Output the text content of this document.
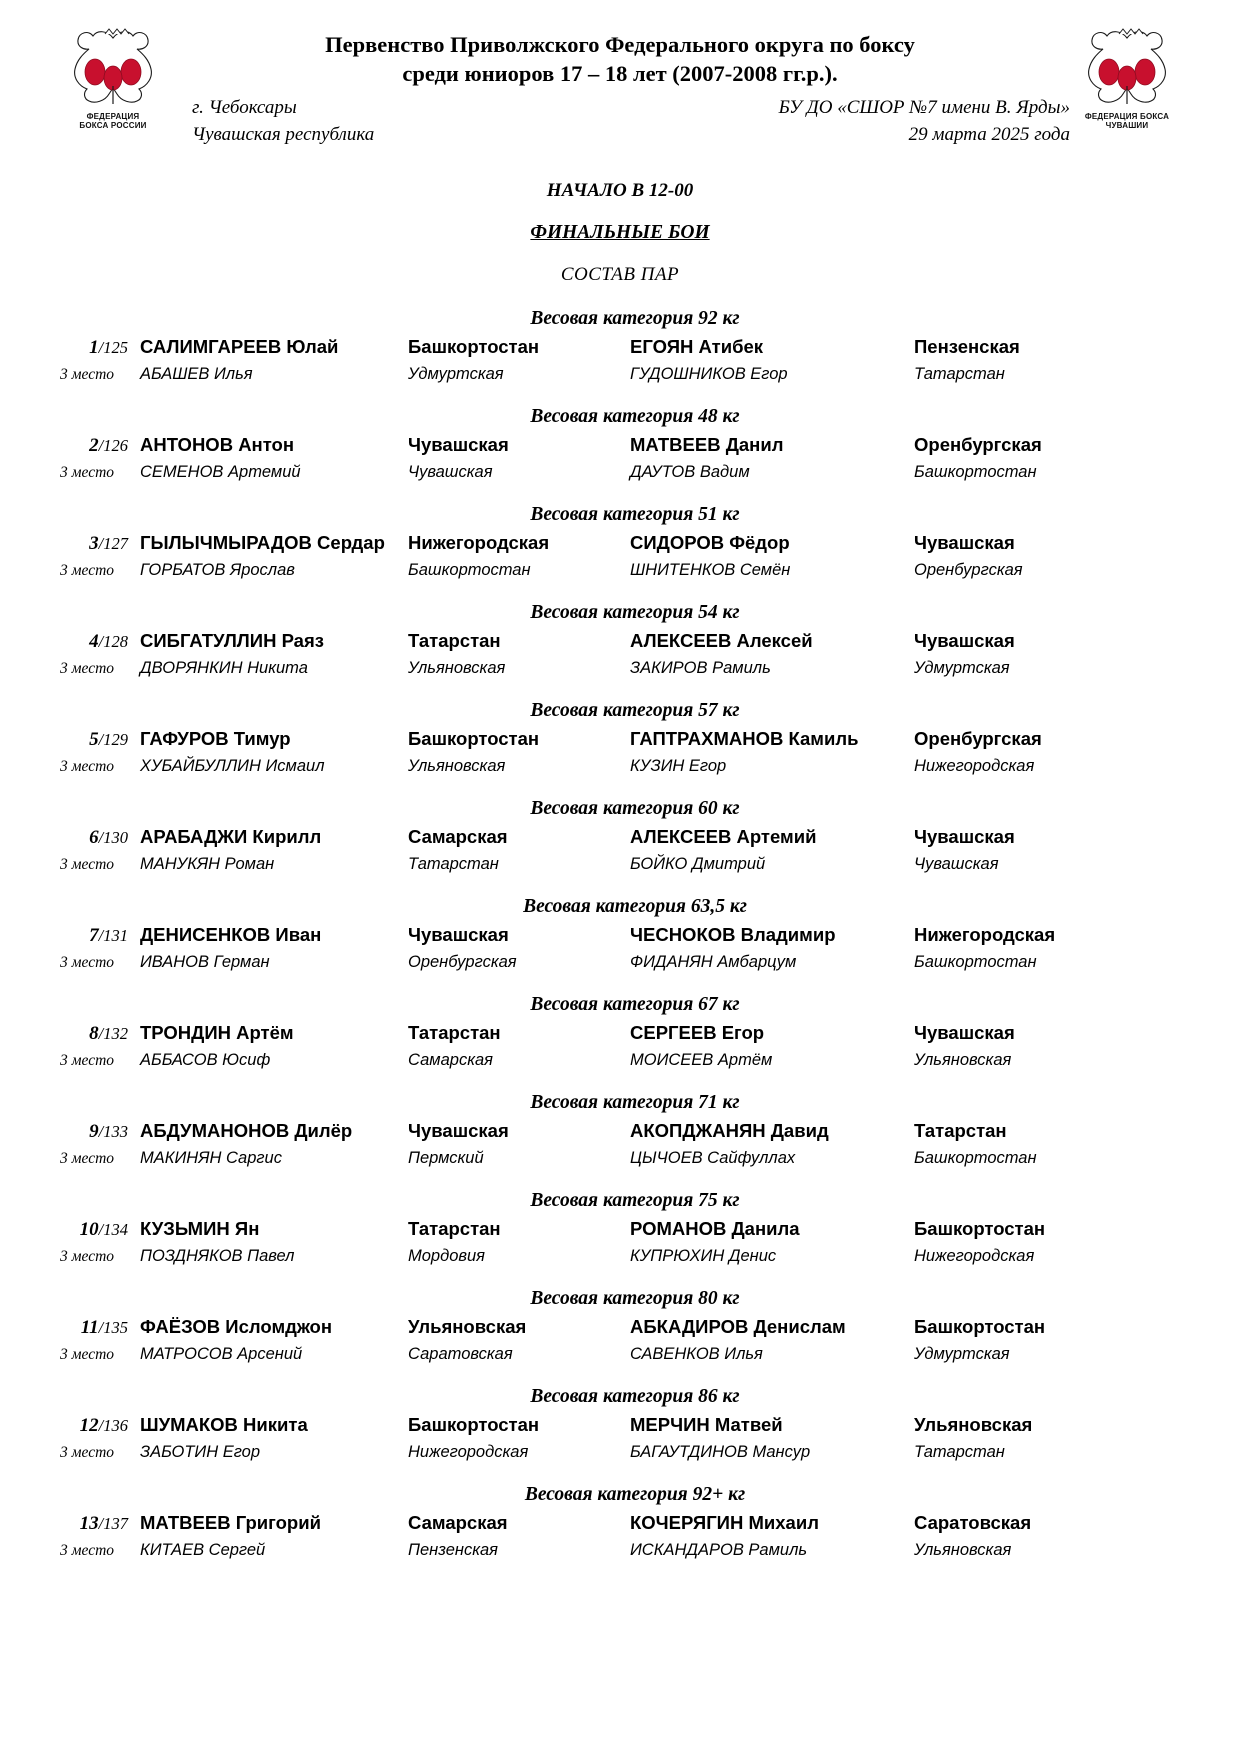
ФЕДЕРАЦИЯ
БОКСА РОССИИ
ФЕДЕРАЦИЯ БОКСА
ЧУВАШИИ
Первенство Приволжского Федерального округа по боксу
среди юниоров 17 – 18 лет (2007-2008 гг.р.).
г. Чебоксары
Чувашская республика
БУ ДО «СШОР №7 имени В. Ярды»
29 марта 2025 года
НАЧАЛО В 12-00
ФИНАЛЬНЫЕ БОИ
СОСТАВ ПАР
Весовая категория 92 кг
1/125 САЛИМГАРЕЕВ Юлай	Башкортостан	ЕГОЯН Атибек	Пензенская
3 место	АБАШЕВ Илья	Удмуртская	ГУДОШНИКОВ Егор	Татарстан
Весовая категория 48 кг
2/126 АНТОНОВ Антон	Чувашская	МАТВЕЕВ Данил	Оренбургская
3 место	СЕМЕНОВ Артемий	Чувашская	ДАУТОВ Вадим	Башкортостан
Весовая категория 51 кг
3/127 ГЫЛЫЧМЫРАДОВ Сердар	Нижегородская	СИДОРОВ Фёдор	Чувашская
3 место	ГОРБАТОВ Ярослав	Башкортостан	ШНИТЕНКОВ Семён	Оренбургская
Весовая категория 54 кг
4/128 СИБГАТУЛЛИН Раяз	Татарстан	АЛЕКСЕЕВ Алексей	Чувашская
3 место	ДВОРЯНКИН Никита	Ульяновская	ЗАКИРОВ Рамиль	Удмуртская
Весовая категория 57 кг
5/129 ГАФУРОВ Тимур	Башкортостан	ГАПТРАХМАНОВ Камиль	Оренбургская
3 место	ХУБАЙБУЛЛИН Исмаил	Ульяновская	КУЗИН Егор	Нижегородская
Весовая категория 60 кг
6/130 АРАБАДЖИ Кирилл	Самарская	АЛЕКСЕЕВ Артемий	Чувашская
3 место	МАНУКЯН Роман	Татарстан	БОЙКО Дмитрий	Чувашская
Весовая категория 63,5 кг
7/131 ДЕНИСЕНКОВ Иван	Чувашская	ЧЕСНОКОВ Владимир	Нижегородская
3 место	ИВАНОВ Герман	Оренбургская	ФИДАНЯН Амбарцум	Башкортостан
Весовая категория 67 кг
8/132 ТРОНДИН Артём	Татарстан	СЕРГЕЕВ Егор	Чувашская
3 место	АББАСОВ Юсиф	Самарская	МОИСЕЕВ Артём	Ульяновская
Весовая категория 71 кг
9/133 АБДУМАНОНОВ Дилёр	Чувашская	АКОПДЖАНЯН Давид	Татарстан
3 место	МАКИНЯН Саргис	Пермский	ЦЫЧОЕВ Сайфуллах	Башкортостан
Весовая категория 75 кг
10/134 КУЗЬМИН Ян	Татарстан	РОМАНОВ Данила	Башкортостан
3 место	ПОЗДНЯКОВ Павел	Мордовия	КУПРЮХИН Денис	Нижегородская
Весовая категория 80 кг
11/135 ФАЁЗОВ Исломджон	Ульяновская	АБКАДИРОВ Денислам	Башкортостан
3 место	МАТРОСОВ Арсений	Саратовская	САВЕНКОВ Илья	Удмуртская
Весовая категория 86 кг
12/136 ШУМАКОВ Никита	Башкортостан	МЕРЧИН Матвей	Ульяновская
3 место	ЗАБОТИН Егор	Нижегородская	БАГАУТДИНОВ Мансур	Татарстан
Весовая категория 92+ кг
13/137 МАТВЕЕВ Григорий	Самарская	КОЧЕРЯГИН Михаил	Саратовская
3 место	КИТАЕВ Сергей	Пензенская	ИСКАНДАРОВ Рамиль	Ульяновская
